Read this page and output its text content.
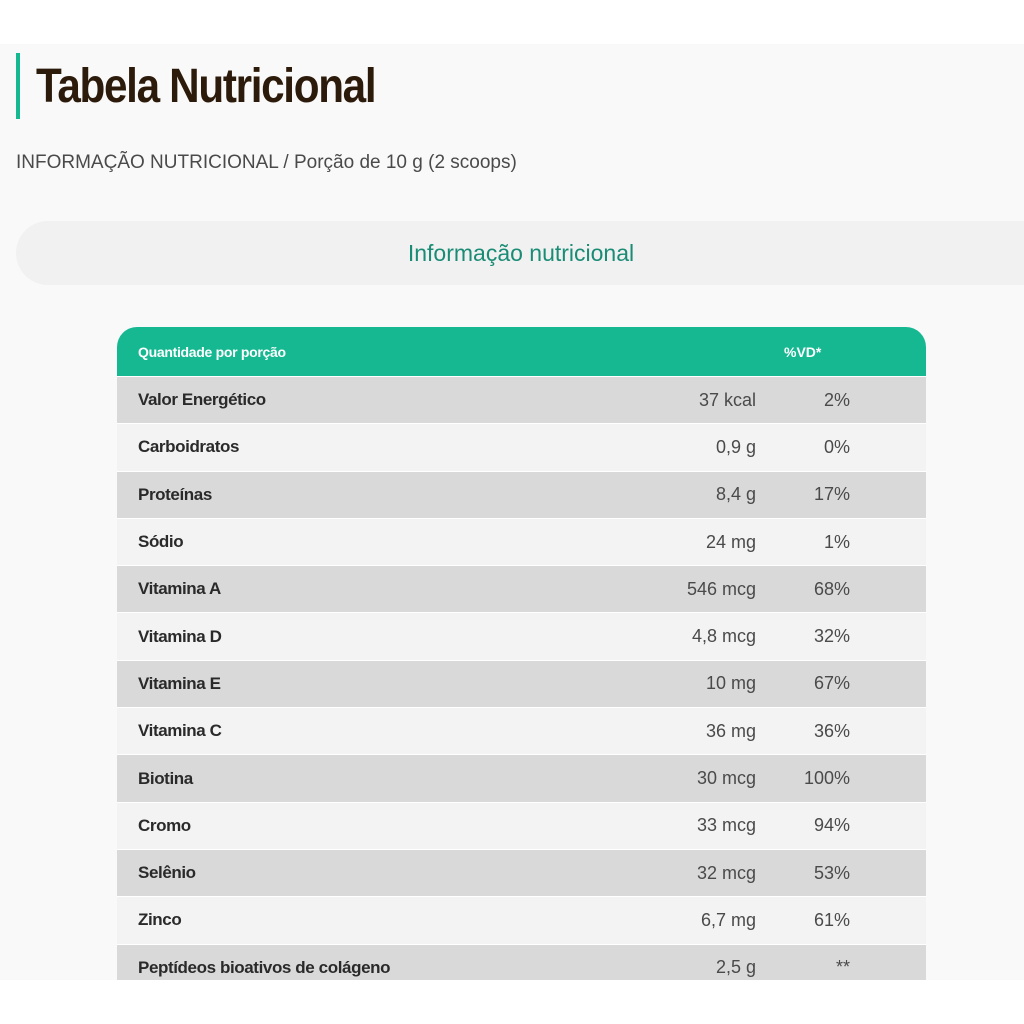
Tabela Nutricional
INFORMAÇÃO NUTRICIONAL / Porção de 10 g (2 scoops)
Informação nutricional
Quantidade por porção	%VD*
Valor Energético	37 kcal	2%
Carboidratos	0,9 g	0%
Proteínas	8,4 g	17%
Sódio	24 mg	1%
Vitamina A	546 mcg	68%
Vitamina D	4,8 mcg	32%
Vitamina E	10 mg	67%
Vitamina C	36 mg	36%
Biotina	30 mcg	100%
Cromo	33 mcg	94%
Selênio	32 mcg	53%
Zinco	6,7 mg	61%
Peptídeos bioativos de colágeno	2,5 g	**
